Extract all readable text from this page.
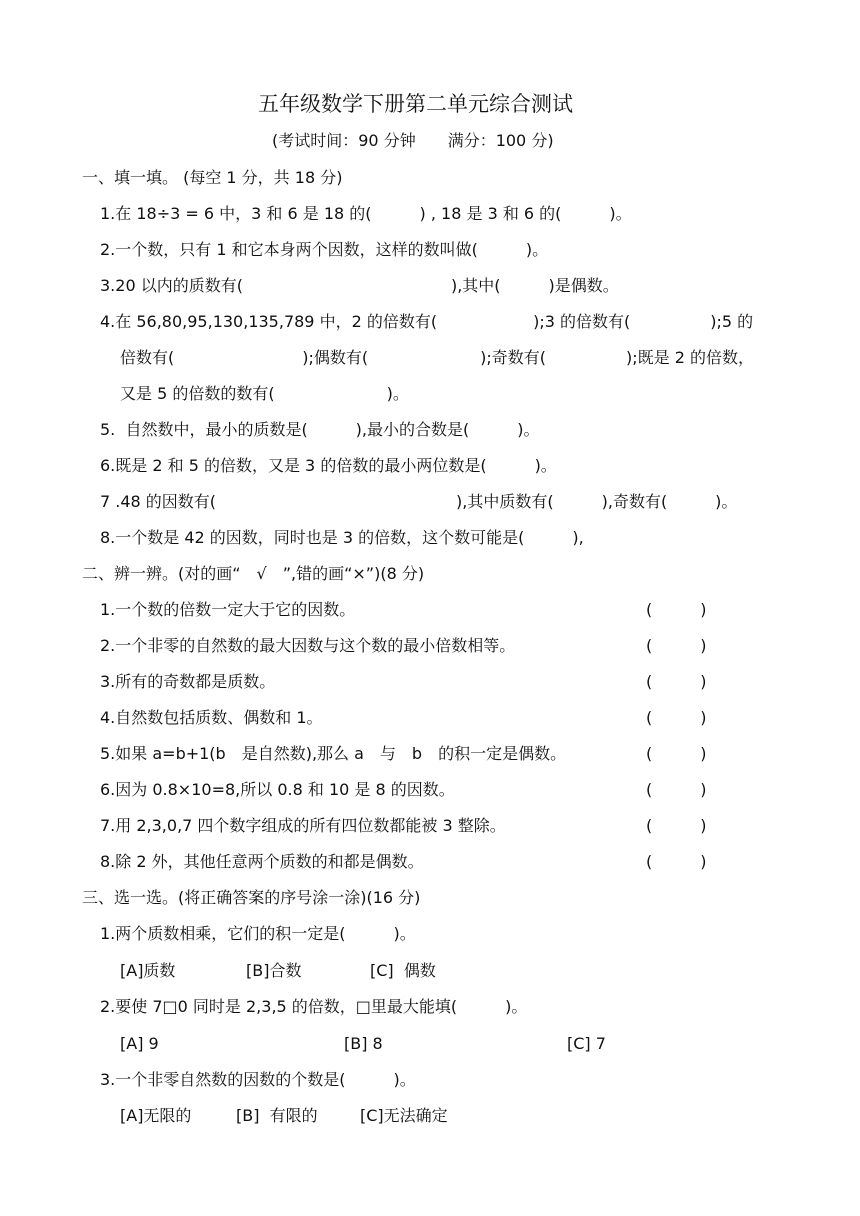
五年级数学下册第二单元综合测试
(考试时间：90 分钟　　满分：100 分)
一、填一填。 (每空 1 分，共 18 分)
1.在 18÷3 = 6 中，3 和 6 是 18 的(　　　) , 18 是 3 和 6 的(　　　)。
2.一个数，只有 1 和它本身两个因数，这样的数叫做(　　　)。
3.20 以内的质数有(　　　　　　　　　　　　　),其中(　　　)是偶数。
4.在 56,80,95,130,135,789 中，2 的倍数有(　　　　　　);3 的倍数有(　　　　　);5 的
倍数有(　　　　　　　　);偶数有(　　　　　　　);奇数有(　　　　　);既是 2 的倍数，
又是 5 的倍数的数有(　　　　　　　)。
5.  自然数中，最小的质数是(　　　),最小的合数是(　　　)。
6.既是 2 和 5 的倍数，又是 3 的倍数的最小两位数是(　　　)。
7 .48 的因数有(　　　　　　　　　　　　　　　),其中质数有(　　　),奇数有(　　　)。
8.一个数是 42 的因数，同时也是 3 的倍数，这个数可能是(　　　),
二、辨一辨。(对的画“　√　”,错的画“×”)(8 分)
1.一个数的倍数一定大于它的因数。	(　　　)
2.一个非零的自然数的最大因数与这个数的最小倍数相等。	(　　　)
3.所有的奇数都是质数。	(　　　)
4.自然数包括质数、偶数和 1。	(　　　)
5.如果 a=b+1(b　是自然数),那么 a　与　b　的积一定是偶数。	(　　　)
6.因为 0.8×10=8,所以 0.8 和 10 是 8 的因数。	(　　　)
7.用 2,3,0,7 四个数字组成的所有四位数都能被 3 整除。	(　　　)
8.除 2 外，其他任意两个质数的和都是偶数。	(　　　)
三、选一选。(将正确答案的序号涂一涂)(16 分)
1.两个质数相乘，它们的积一定是(　　　)。
[A]质数	[B]合数	[C]  偶数
2.要使 7□0 同时是 2,3,5 的倍数，□里最大能填(　　　)。
[A] 9	[B] 8	[C] 7
3.一个非零自然数的因数的个数是(　　　)。
[A]无限的	[B]  有限的	[C]无法确定
